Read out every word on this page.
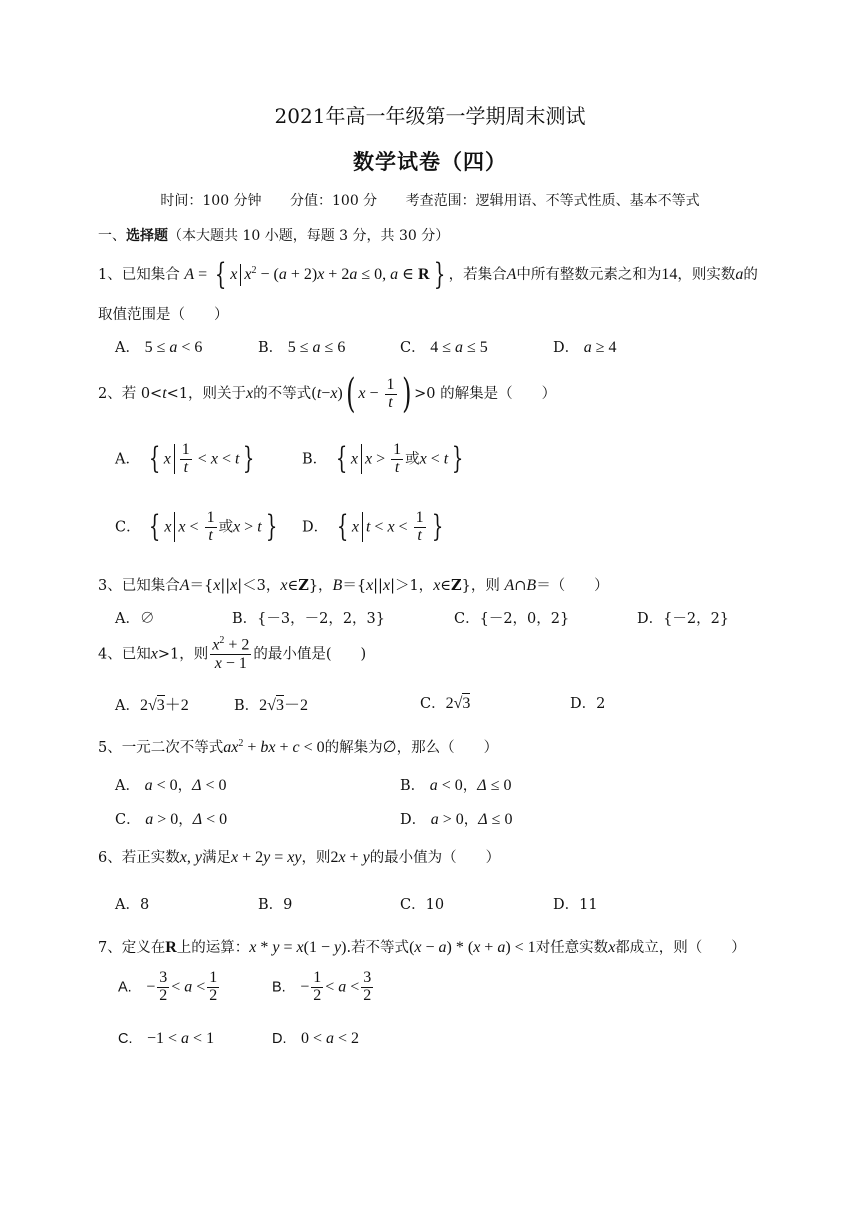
2021年高一年级第一学期周末测试
数学试卷（四）
时间：100 分钟 分值：100 分 考查范围：逻辑用语、不等式性质、基本不等式
一、选择题（本大题共 10 小题，每题 3 分，共 30 分）
1、已知集合 A = { x $x^2 - (a + 2)x + 2a \le 0$, a ∈ R } ，若集合A中所有整数元素之和为14，则实数a的
取值范围是（　　）
A． 5 ≤ a < 6	B． 5 ≤ a ≤ 6	C． 4 ≤ a ≤ 5	D． a ≥ 4
2、若 0<t<1，则关于x的不等式(t−x)( $x - \frac{1}{t}$ ) >0 的解集是（　　）
A． { x $\frac{1}{t} < x < t$ }	B． { x $x > \frac{1}{t}$ 或x < t }
C． { x $x < \frac{1}{t}$ 或x > t } D． { x $t < x < \frac{1}{t}$ }
3、已知集合A＝{x||x|＜3，x∈Z}，B＝{x||x|＞1，x∈Z}，则 A∩B＝（　　）
A．∅	B．{－3，－2，2，3}	C．{－2，0，2}	D．{－2，2}
4、已知x>1，则 $\frac{x^2 + 2}{x - 1}$ 的最小值是(　　)
A．2√3＋2	B．2√3－2	C．2√3	D．2
5、一元二次不等式$ax^2$ + bx + c < 0的解集为∅，那么（　　）
A． a < 0，Δ < 0	B． a < 0，Δ ≤ 0
C． a > 0，Δ < 0	D． a > 0，Δ ≤ 0
6、若正实数x, y满足x + 2y = xy，则2x + y的最小值为（　　）
A．8	B．9	C．10	D．11
7、定义在R上的运算：x * y = x(1 − y).若不等式(x − a) * (x + a) < 1对任意实数x都成立，则（　　）
A.　 − $\frac{3}{2} < a < \frac{1}{2}$	B.　 − $\frac{1}{2} < a < \frac{3}{2}$
C.　 −1 < a < 1	D.　 0 < a < 2
